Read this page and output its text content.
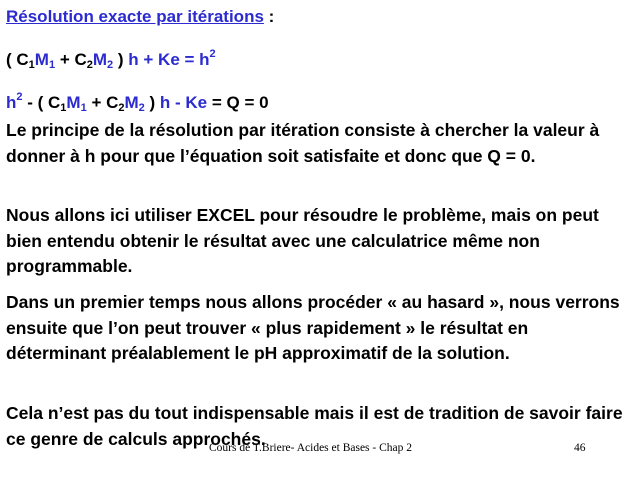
Résolution exacte par itérations :
( $C_1M_1 + C_2M_2$ ) $h + Ke = h^2$
$h^2$ - ( $C_1M_1 + C_2M_2$ ) h - Ke = Q = 0

Le principe de la résolution par itération consiste à chercher la valeur à donner à h pour que l’équation soit satisfaite et donc que Q = 0.

Nous allons ici utiliser EXCEL pour résoudre le problème, mais on peut bien entendu obtenir le résultat avec une calculatrice même non programmable.

Dans un premier temps nous allons procéder « au hasard », nous verrons ensuite que l’on peut trouver « plus rapidement » le résultat en déterminant préalablement le pH approximatif de la solution.

Cela n’est pas du tout indispensable mais il est de tradition de savoir faire ce genre de calculs approchés.

Cours de T.Briere- Acides et Bases - Chap 2	46
